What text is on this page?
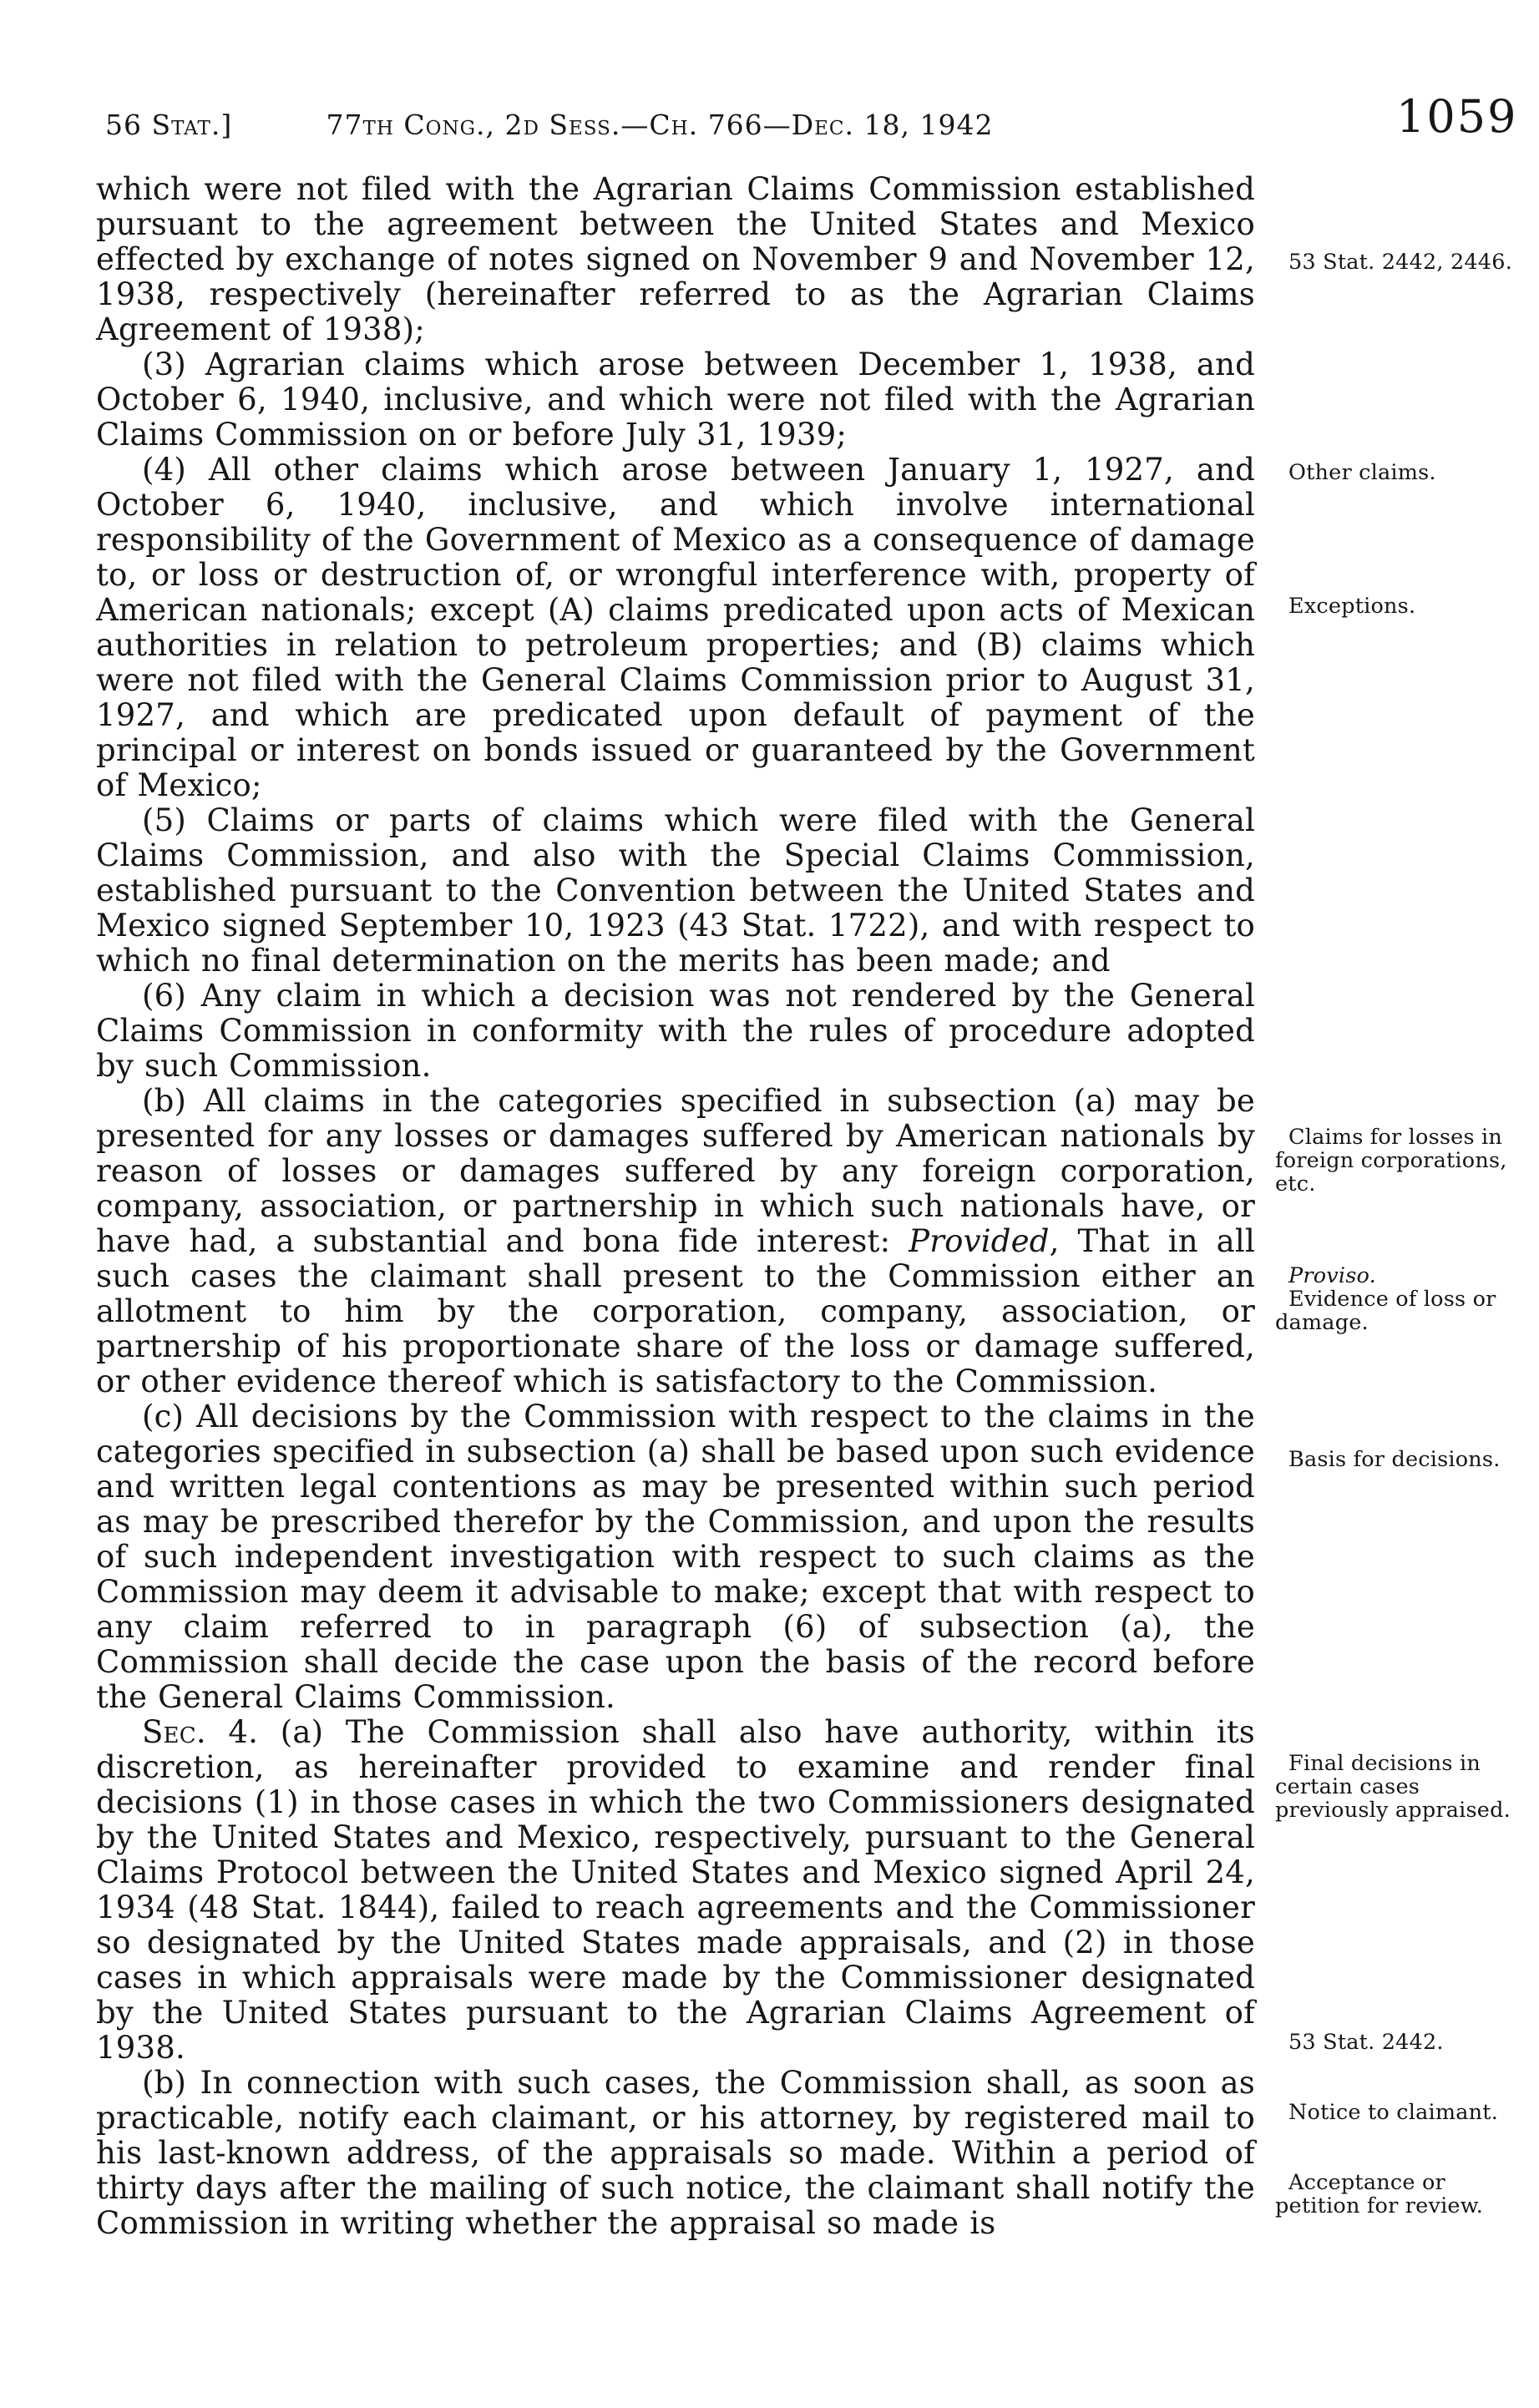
56 Stat.]	77th Cong., 2d Sess.—Ch. 766—Dec. 18, 1942	1059

which were not filed with the Agrarian Claims Commission established pursuant to the agreement between the United States and Mexico effected by exchange of notes signed on November 9 and November 12, 1938, respectively (hereinafter referred to as the Agrarian Claims Agreement of 1938);

(3) Agrarian claims which arose between December 1, 1938, and October 6, 1940, inclusive, and which were not filed with the Agrarian Claims Commission on or before July 31, 1939;

(4) All other claims which arose between January 1, 1927, and October 6, 1940, inclusive, and which involve international responsibility of the Government of Mexico as a consequence of damage to, or loss or destruction of, or wrongful interference with, property of American nationals; except (A) claims predicated upon acts of Mexican authorities in relation to petroleum properties; and (B) claims which were not filed with the General Claims Commission prior to August 31, 1927, and which are predicated upon default of payment of the principal or interest on bonds issued or guaranteed by the Government of Mexico;

(5) Claims or parts of claims which were filed with the General Claims Commission, and also with the Special Claims Commission, established pursuant to the Convention between the United States and Mexico signed September 10, 1923 (43 Stat. 1722), and with respect to which no final determination on the merits has been made; and

(6) Any claim in which a decision was not rendered by the General Claims Commission in conformity with the rules of procedure adopted by such Commission.

(b) All claims in the categories specified in subsection (a) may be presented for any losses or damages suffered by American nationals by reason of losses or damages suffered by any foreign corporation, company, association, or partnership in which such nationals have, or have had, a substantial and bona fide interest: Provided, That in all such cases the claimant shall present to the Commission either an allotment to him by the corporation, company, association, or partnership of his proportionate share of the loss or damage suffered, or other evidence thereof which is satisfactory to the Commission.

(c) All decisions by the Commission with respect to the claims in the categories specified in subsection (a) shall be based upon such evidence and written legal contentions as may be presented within such period as may be prescribed therefor by the Commission, and upon the results of such independent investigation with respect to such claims as the Commission may deem it advisable to make; except that with respect to any claim referred to in paragraph (6) of subsection (a), the Commission shall decide the case upon the basis of the record before the General Claims Commission.

Sec. 4. (a) The Commission shall also have authority, within its discretion, as hereinafter provided to examine and render final decisions (1) in those cases in which the two Commissioners designated by the United States and Mexico, respectively, pursuant to the General Claims Protocol between the United States and Mexico signed April 24, 1934 (48 Stat. 1844), failed to reach agreements and the Commissioner so designated by the United States made appraisals, and (2) in those cases in which appraisals were made by the Commissioner designated by the United States pursuant to the Agrarian Claims Agreement of 1938.

(b) In connection with such cases, the Commission shall, as soon as practicable, notify each claimant, or his attorney, by registered mail to his last-known address, of the appraisals so made. Within a period of thirty days after the mailing of such notice, the claimant shall notify the Commission in writing whether the appraisal so made is

53 Stat. 2442, 2446.
Other claims.
Exceptions.
Claims for losses in foreign corporations, etc.
Proviso.
Evidence of loss or damage.
Basis for decisions.
Final decisions in certain cases previously appraised.
53 Stat. 2442.
Notice to claimant.
Acceptance or petition for review.
